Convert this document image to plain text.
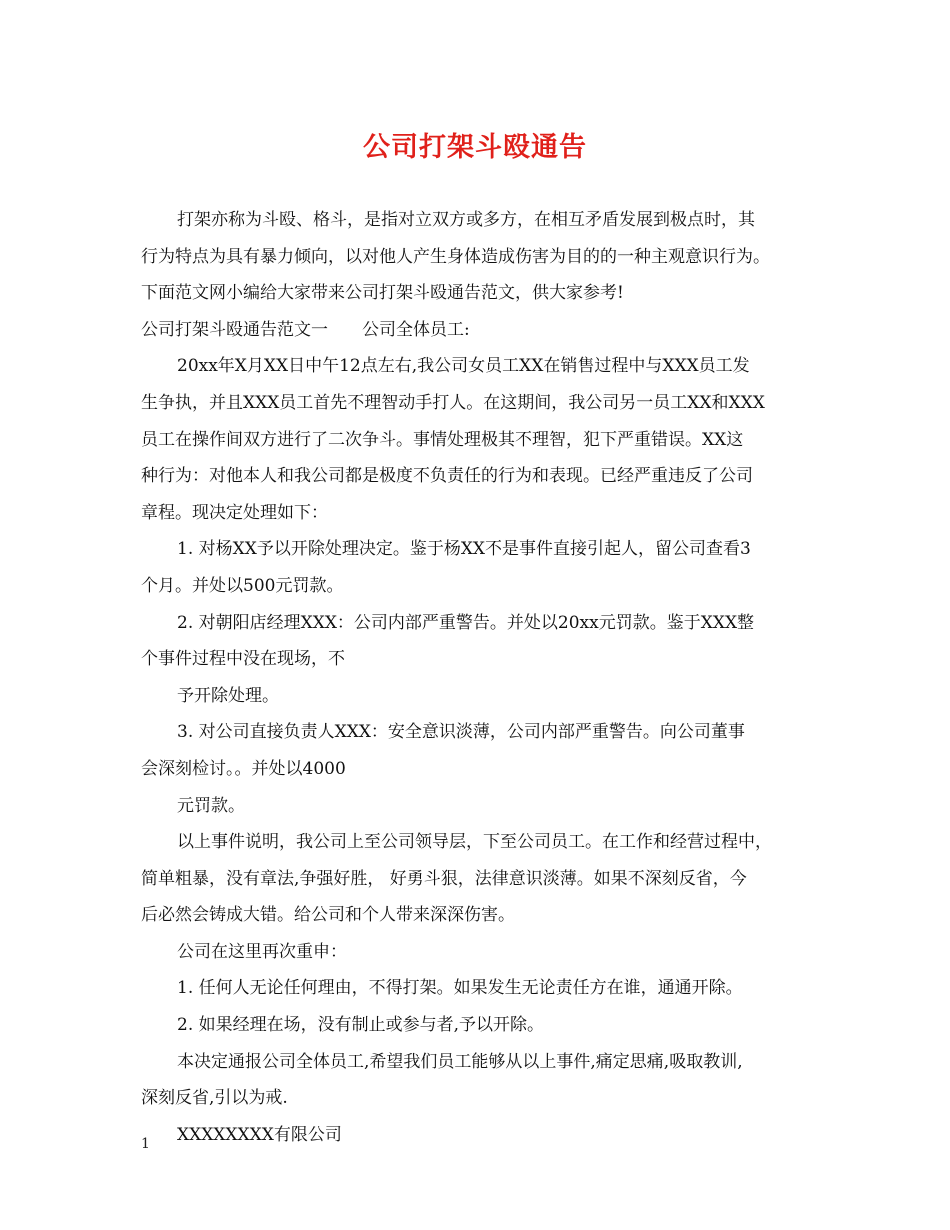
公司打架斗殴通告
打架亦称为斗殴、格斗，是指对立双方或多方，在相互矛盾发展到极点时，其
行为特点为具有暴力倾向，以对他人产生身体造成伤害为目的的一种主观意识行为。
下面范文网小编给大家带来公司打架斗殴通告范文，供大家参考!
公司打架斗殴通告范文一　　公司全体员工:
20xx年X月XX日中午12点左右,我公司女员工XX在销售过程中与XXX员工发
生争执，并且XXX员工首先不理智动手打人。在这期间，我公司另一员工XX和XXX
员工在操作间双方进行了二次争斗。事情处理极其不理智，犯下严重错误。XX这
种行为：对他本人和我公司都是极度不负责任的行为和表现。已经严重违反了公司
章程。现决定处理如下：
1. 对杨XX予以开除处理决定。鉴于杨XX不是事件直接引起人，留公司查看3
个月。并处以500元罚款。
2. 对朝阳店经理XXX：公司内部严重警告。并处以20xx元罚款。鉴于XXX整
个事件过程中没在现场，不
予开除处理。
3. 对公司直接负责人XXX：安全意识淡薄，公司内部严重警告。向公司董事
会深刻检讨。。并处以4000
元罚款。
以上事件说明，我公司上至公司领导层，下至公司员工。在工作和经营过程中，
简单粗暴，没有章法,争强好胜， 好勇斗狠，法律意识淡薄。如果不深刻反省，今
后必然会铸成大错。给公司和个人带来深深伤害。
公司在这里再次重申：
1. 任何人无论任何理由，不得打架。如果发生无论责任方在谁，通通开除。
2. 如果经理在场，没有制止或参与者,予以开除。
本决定通报公司全体员工,希望我们员工能够从以上事件,痛定思痛,吸取教训,
深刻反省,引以为戒.
XXXXXXXX有限公司
1
